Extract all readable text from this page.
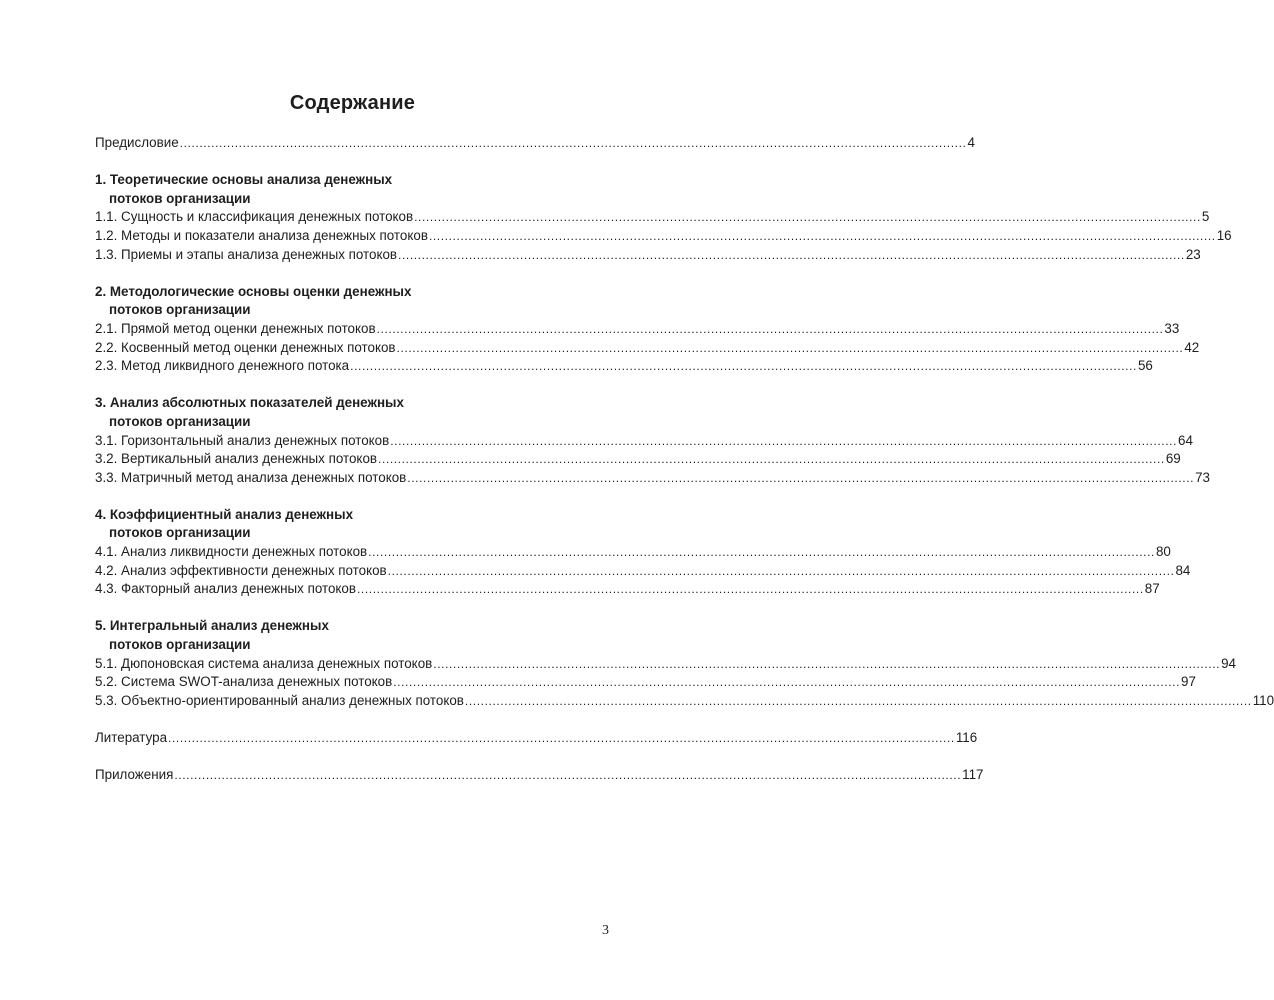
Содержание
Предисловие ........................................................................................................................................................................................................ 4
1. Теоретические основы анализа денежных
потоков организации
1.1. Сущность и классификация денежных потоков ........................................................................................................................................................................................................ 5
1.2. Методы и показатели анализа денежных потоков ........................................................................................................................................................................................................ 16
1.3. Приемы и этапы анализа денежных потоков ........................................................................................................................................................................................................ 23
2. Методологические основы оценки денежных
потоков организации
2.1. Прямой метод оценки денежных потоков ........................................................................................................................................................................................................ 33
2.2. Косвенный метод оценки денежных потоков ........................................................................................................................................................................................................ 42
2.3. Метод ликвидного денежного потока ........................................................................................................................................................................................................ 56
3. Анализ абсолютных показателей денежных
потоков организации
3.1. Горизонтальный анализ денежных потоков ........................................................................................................................................................................................................ 64
3.2. Вертикальный анализ денежных потоков ........................................................................................................................................................................................................ 69
3.3. Матричный метод анализа денежных потоков ........................................................................................................................................................................................................ 73
4. Коэффициентный анализ денежных
потоков организации
4.1. Анализ ликвидности денежных потоков ........................................................................................................................................................................................................ 80
4.2. Анализ эффективности денежных потоков ........................................................................................................................................................................................................ 84
4.3. Факторный анализ денежных потоков ........................................................................................................................................................................................................ 87
5. Интегральный анализ денежных
потоков организации
5.1. Дюпоновская система анализа денежных потоков ........................................................................................................................................................................................................ 94
5.2. Система SWOT-анализа денежных потоков ........................................................................................................................................................................................................ 97
5.3. Объектно-ориентированный анализ денежных потоков ........................................................................................................................................................................................................ 110
Литература ........................................................................................................................................................................................................ 116
Приложения ........................................................................................................................................................................................................ 117
3
